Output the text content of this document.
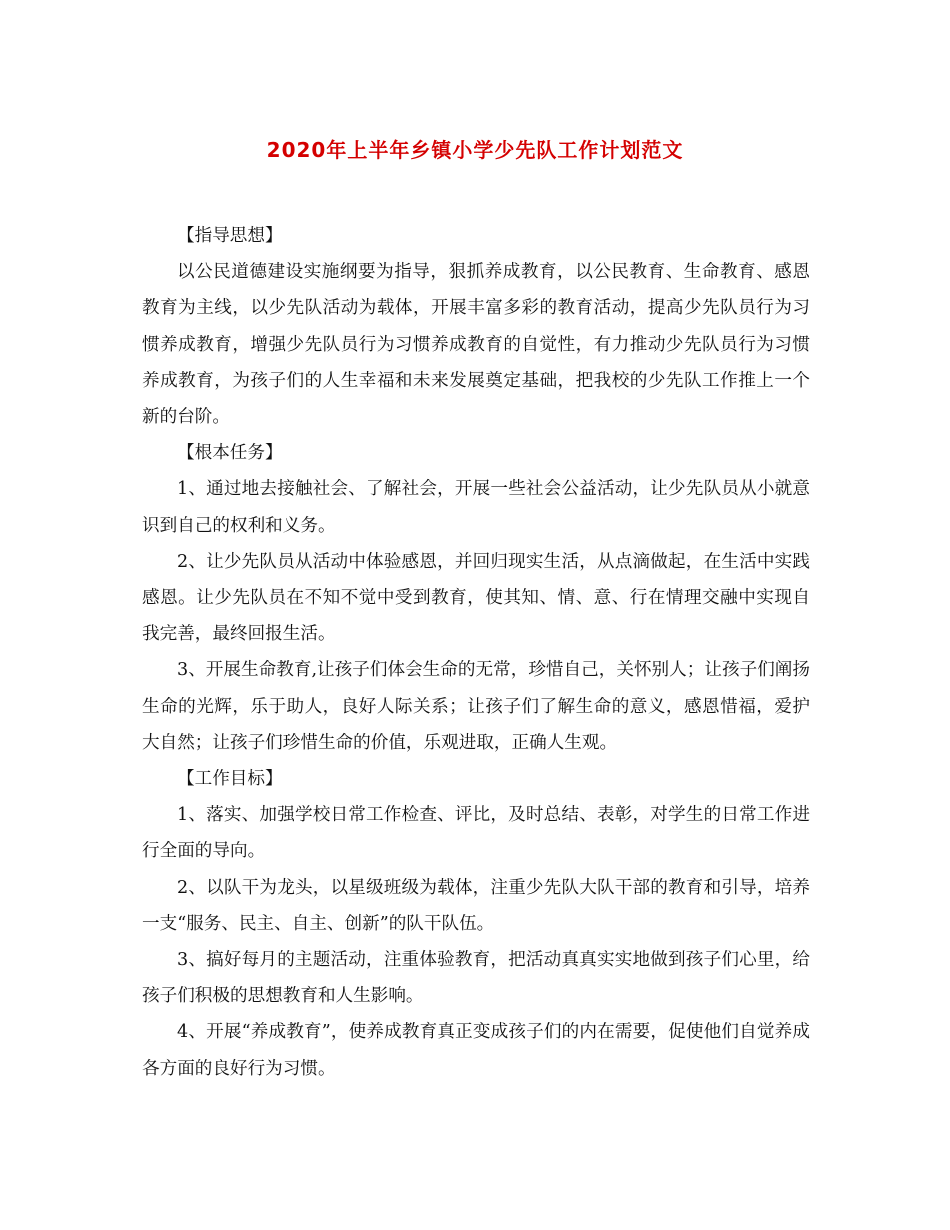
2020年上半年乡镇小学少先队工作计划范文
【指导思想】
以公民道德建设实施纲要为指导，狠抓养成教育，以公民教育、生命教育、感恩教育为主线，以少先队活动为载体，开展丰富多彩的教育活动，提高少先队员行为习惯养成教育，增强少先队员行为习惯养成教育的自觉性，有力推动少先队员行为习惯养成教育，为孩子们的人生幸福和未来发展奠定基础，把我校的少先队工作推上一个新的台阶。
【根本任务】
1、通过地去接触社会、了解社会，开展一些社会公益活动，让少先队员从小就意识到自己的权利和义务。
2、让少先队员从活动中体验感恩，并回归现实生活，从点滴做起，在生活中实践感恩。让少先队员在不知不觉中受到教育，使其知、情、意、行在情理交融中实现自我完善，最终回报生活。
3、开展生命教育,让孩子们体会生命的无常，珍惜自己，关怀别人；让孩子们阐扬生命的光辉，乐于助人，良好人际关系；让孩子们了解生命的意义，感恩惜福，爱护大自然；让孩子们珍惜生命的价值，乐观进取，正确人生观。
【工作目标】
1、落实、加强学校日常工作检查、评比，及时总结、表彰，对学生的日常工作进行全面的导向。
2、以队干为龙头，以星级班级为载体，注重少先队大队干部的教育和引导，培养一支“服务、民主、自主、创新”的队干队伍。
3、搞好每月的主题活动，注重体验教育，把活动真真实实地做到孩子们心里，给孩子们积极的思想教育和人生影响。
4、开展“养成教育”，使养成教育真正变成孩子们的内在需要，促使他们自觉养成各方面的良好行为习惯。
